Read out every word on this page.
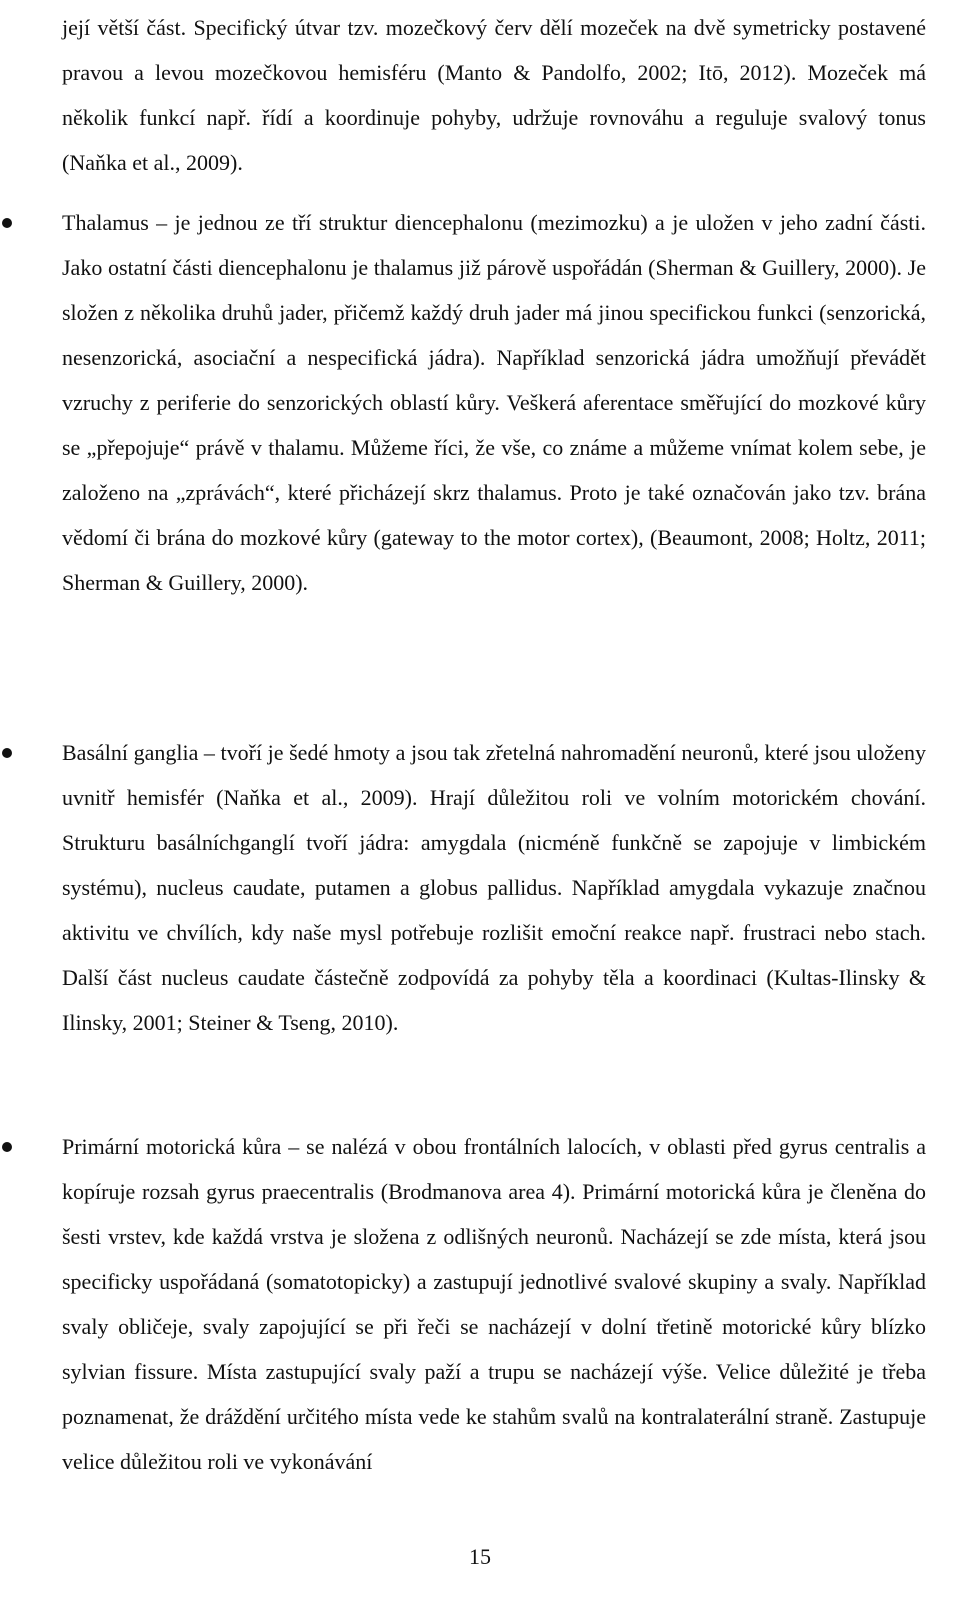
její větší část. Specifický útvar tzv. mozečkový červ dělí mozeček na dvě symetricky postavené pravou a levou mozečkovou hemisféru (Manto & Pandolfo, 2002; Itō, 2012). Mozeček má několik funkcí např. řídí a koordinuje pohyby, udržuje rovnováhu a reguluje svalový tonus (Naňka et al., 2009).

Thalamus – je jednou ze tří struktur diencephalonu (mezimozku) a je uložen v jeho zadní části. Jako ostatní části diencephalonu je thalamus již párově uspořádán (Sherman & Guillery, 2000). Je složen z několika druhů jader, přičemž každý druh jader má jinou specifickou funkci (senzorická, nesenzorická, asociační a nespecifická jádra). Například senzorická jádra umožňují převádět vzruchy z periferie do senzorických oblastí kůry. Veškerá aferentace směřující do mozkové kůry se „přepojuje“ právě v thalamu. Můžeme říci, že vše, co známe a můžeme vnímat kolem sebe, je založeno na „zprávách“, které přicházejí skrz thalamus. Proto je také označován jako tzv. brána vědomí či brána do mozkové kůry (gateway to the motor cortex), (Beaumont, 2008; Holtz, 2011; Sherman & Guillery, 2000).

Basální ganglia – tvoří je šedé hmoty a jsou tak zřetelná nahromadění neuronů, které jsou uloženy uvnitř hemisfér (Naňka et al., 2009). Hrají důležitou roli ve volním motorickém chování. Strukturu basálníchganglí tvoří jádra: amygdala (nicméně funkčně se zapojuje v limbickém systému), nucleus caudate, putamen a globus pallidus. Například amygdala vykazuje značnou aktivitu ve chvílích, kdy naše mysl potřebuje rozlišit emoční reakce např. frustraci nebo stach. Další část nucleus caudate částečně zodpovídá za pohyby těla a koordinaci (Kultas-Ilinsky & Ilinsky, 2001; Steiner & Tseng, 2010).

Primární motorická kůra – se nalézá v obou frontálních lalocích, v oblasti před gyrus centralis a kopíruje rozsah gyrus praecentralis (Brodmanova area 4). Primární motorická kůra je členěna do šesti vrstev, kde každá vrstva je složena z odlišných neuronů. Nacházejí se zde místa, která jsou specificky uspořádaná (somatotopicky) a zastupují jednotlivé svalové skupiny a svaly. Například svaly obličeje, svaly zapojující se při řeči se nacházejí v dolní třetině motorické kůry blízko sylvian fissure. Místa zastupující svaly paží a trupu se nacházejí výše. Velice důležité je třeba poznamenat, že dráždění určitého místa vede ke stahům svalů na kontralaterální straně. Zastupuje velice důležitou roli ve vykonávání

15
